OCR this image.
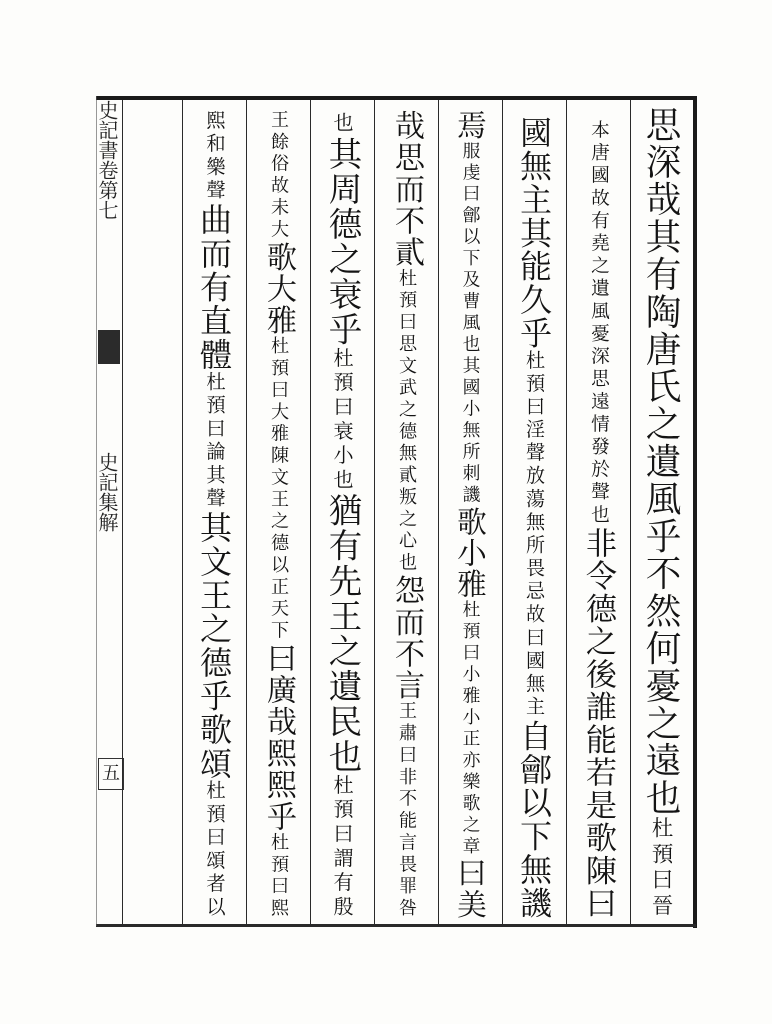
史記書卷第七
史記集解
五	思深哉其有陶唐氏之遺風乎不然何憂之遠也杜預曰晉
本唐國故有堯之遺風憂深思遠情發於聲也非令德之後誰能若是歌陳曰
國無主其能久乎杜預曰淫聲放蕩無所畏忌故曰國無主自鄶以下無譏
焉服虔曰鄶以下及曹風也其國小無所刺譏歌小雅杜預曰小雅小正亦樂歌之章曰美
哉思而不貳杜預曰思文武之德無貳叛之心也怨而不言王肅曰非不能言畏罪咎
也其周德之衰乎杜預曰衰小也猶有先王之遺民也杜預曰謂有殷
王餘俗故未大歌大雅杜預曰大雅陳文王之德以正天下曰廣哉熙熙乎杜預曰熙
熙和樂聲曲而有直體杜預曰論其聲其文王之德乎歌頌杜預曰頌者以
